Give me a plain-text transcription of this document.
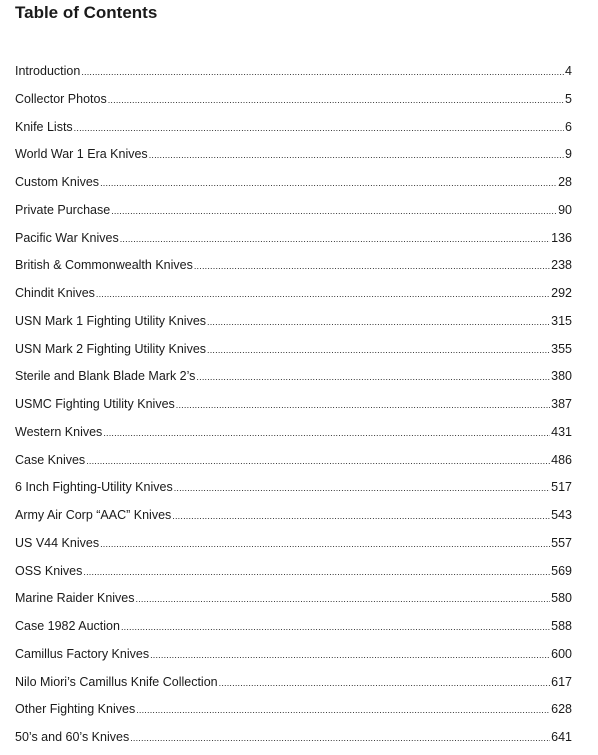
Table of Contents
Introduction .....	4
Collector Photos .....	5
Knife Lists .....	6
World War 1 Era Knives .....	9
Custom Knives .....	28
Private Purchase .....	90
Pacific War Knives .....	136
British & Commonwealth Knives .....	238
Chindit Knives .....	292
USN Mark 1 Fighting Utility Knives .....	315
USN Mark 2 Fighting Utility Knives .....	355
Sterile and Blank Blade Mark 2’s .....	380
USMC Fighting Utility Knives .....	387
Western Knives .....	431
Case Knives .....	486
6 Inch Fighting-Utility Knives .....	517
Army Air Corp “AAC” Knives .....	543
US V44 Knives .....	557
OSS Knives .....	569
Marine Raider Knives .....	580
Case 1982 Auction .....	588
Camillus Factory Knives .....	600
Nilo Miori’s Camillus Knife Collection .....	617
Other Fighting Knives .....	628
50’s and 60’s Knives .....	641
